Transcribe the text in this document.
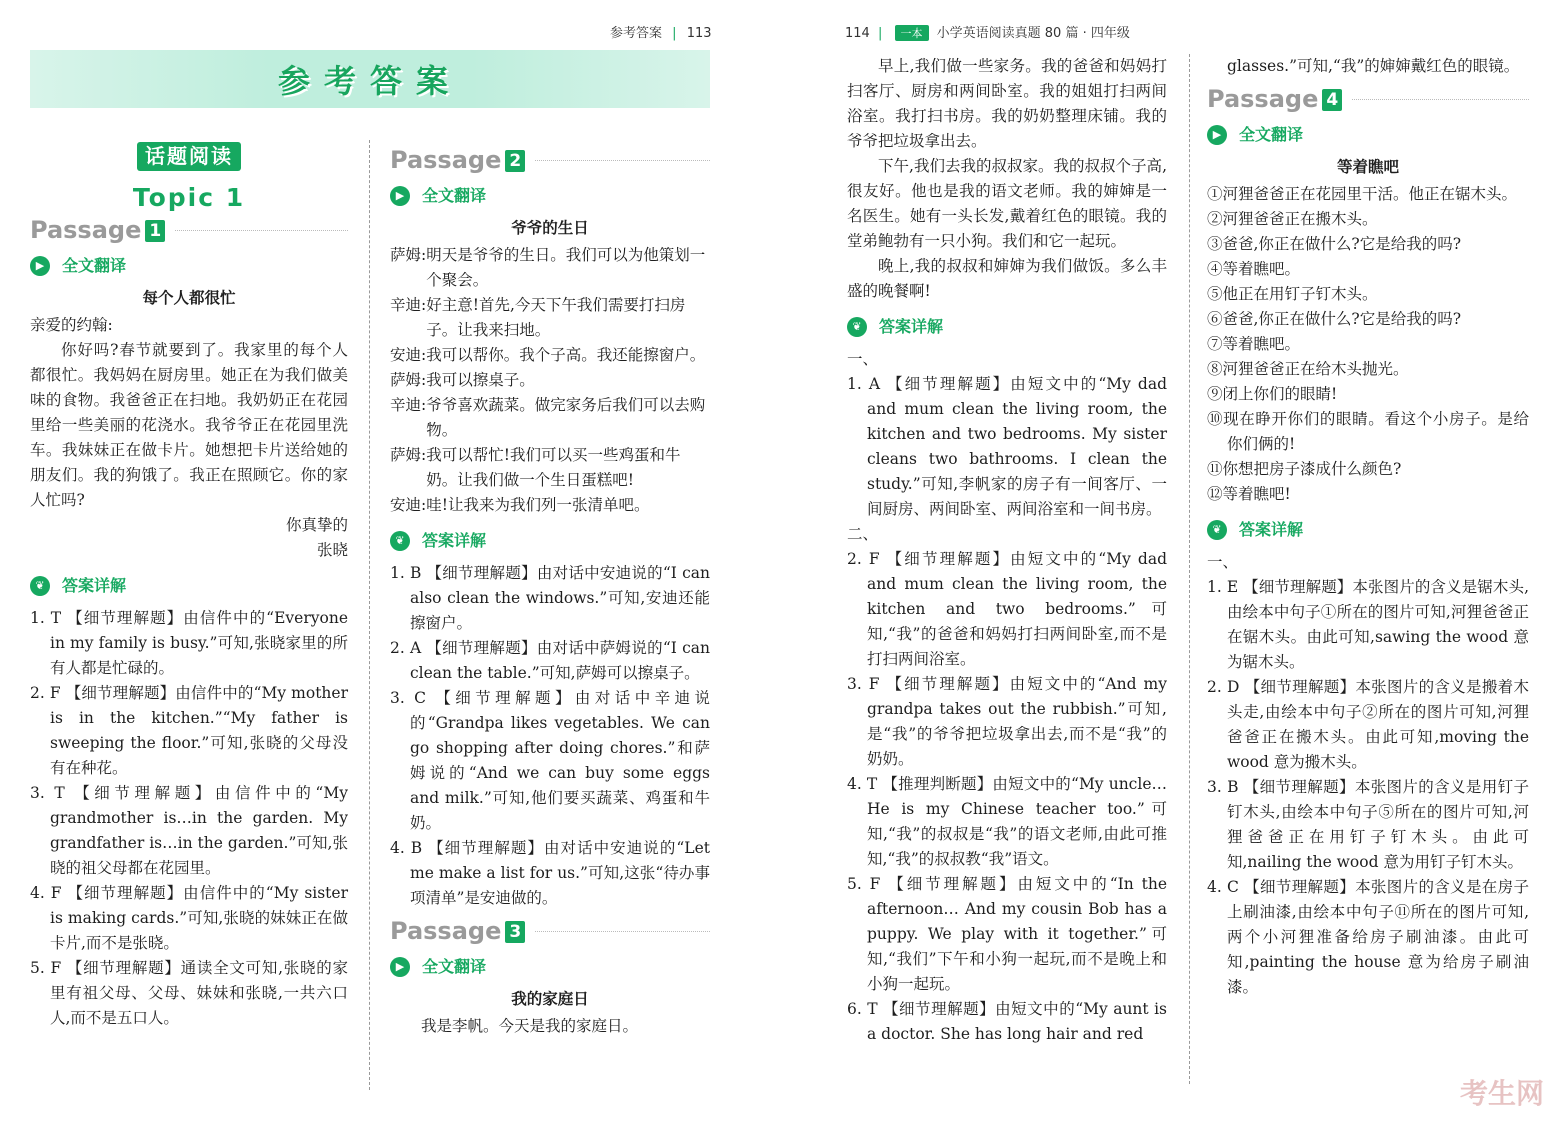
参考答案 | 113
参考答案
话题阅读
Topic 1
Passage 1
▶	全文翻译
每个人都很忙

亲爱的约翰:

你好吗?春节就要到了。我家里的每个人都很忙。我妈妈在厨房里。她正在为我们做美味的食物。我爸爸正在扫地。我奶奶正在花园里给一些美丽的花浇水。我爷爷正在花园里洗车。我妹妹正在做卡片。她想把卡片送给她的朋友们。我的狗饿了。我正在照顾它。你的家人忙吗?

你真挚的

张晓

❦	答案详解

1. T 【细节理解题】由信件中的“Everyone in my family is busy.”可知,张晓家里的所有人都是忙碌的。

2. F 【细节理解题】由信件中的“My mother is in the kitchen.”“My father is sweeping the floor.”可知,张晓的父母没有在种花。

3. T 【细节理解题】由信件中的“My grandmother is…in the garden. My grandfather is…in the garden.”可知,张晓的祖父母都在花园里。

4. F 【细节理解题】由信件中的“My sister is making cards.”可知,张晓的妹妹正在做卡片,而不是张晓。

5. F 【细节理解题】通读全文可知,张晓的家里有祖父母、父母、妹妹和张晓,一共六口人,而不是五口人。

Passage 2
▶	全文翻译
爷爷的生日
萨姆: 明天是爷爷的生日。我们可以为他策划一个聚会。
辛迪: 好主意!首先,今天下午我们需要打扫房子。让我来扫地。
安迪: 我可以帮你。我个子高。我还能擦窗户。
萨姆: 我可以擦桌子。
辛迪: 爷爷喜欢蔬菜。做完家务后我们可以去购物。
萨姆: 我可以帮忙!我们可以买一些鸡蛋和牛奶。让我们做一个生日蛋糕吧!
安迪: 哇!让我来为我们列一张清单吧。
❦	答案详解

1. B 【细节理解题】由对话中安迪说的“I can also clean the windows.”可知,安迪还能擦窗户。

2. A 【细节理解题】由对话中萨姆说的“I can clean the table.”可知,萨姆可以擦桌子。

3. C 【细节理解题】由对话中辛迪说的“Grandpa likes vegetables. We can go shopping after doing chores.”和萨姆说的“And we can buy some eggs and milk.”可知,他们要买蔬菜、鸡蛋和牛奶。

4. B 【细节理解题】由对话中安迪说的“Let me make a list for us.”可知,这张“待办事项清单”是安迪做的。

Passage 3
▶	全文翻译
我的家庭日

我是李帆。今天是我的家庭日。

114 | 一本 小学英语阅读真题 80 篇 · 四年级

早上,我们做一些家务。我的爸爸和妈妈打扫客厅、厨房和两间卧室。我的姐姐打扫两间浴室。我打扫书房。我的奶奶整理床铺。我的爷爷把垃圾拿出去。

下午,我们去我的叔叔家。我的叔叔个子高,很友好。他也是我的语文老师。我的婶婶是一名医生。她有一头长发,戴着红色的眼镜。我的堂弟鲍勃有一只小狗。我们和它一起玩。

晚上,我的叔叔和婶婶为我们做饭。多么丰盛的晚餐啊!

❦	答案详解

一、

1. A 【细节理解题】由短文中的“My dad and mum clean the living room, the kitchen and two bedrooms. My sister cleans two bathrooms. I clean the study.”可知,李帆家的房子有一间客厅、一间厨房、两间卧室、两间浴室和一间书房。

二、

2. F 【细节理解题】由短文中的“My dad and mum clean the living room, the kitchen and two bedrooms.”可知,“我”的爸爸和妈妈打扫两间卧室,而不是打扫两间浴室。

3. F 【细节理解题】由短文中的“And my grandpa takes out the rubbish.”可知,是“我”的爷爷把垃圾拿出去,而不是“我”的奶奶。

4. T 【推理判断题】由短文中的“My uncle…He is my Chinese teacher too.”可知,“我”的叔叔是“我”的语文老师,由此可推知,“我”的叔叔教“我”语文。

5. F 【细节理解题】由短文中的“In the afternoon… And my cousin Bob has a puppy. We play with it together.”可知,“我们”下午和小狗一起玩,而不是晚上和小狗一起玩。

6. T 【细节理解题】由短文中的“My aunt is a doctor. She has long hair and red

glasses.”可知,“我”的婶婶戴红色的眼镜。

Passage 4
▶	全文翻译
等着瞧吧

①河狸爸爸正在花园里干活。他正在锯木头。

②河狸爸爸正在搬木头。

③爸爸,你正在做什么?它是给我的吗?

④等着瞧吧。

⑤他正在用钉子钉木头。

⑥爸爸,你正在做什么?它是给我的吗?

⑦等着瞧吧。

⑧河狸爸爸正在给木头抛光。

⑨闭上你们的眼睛!

⑩现在睁开你们的眼睛。看这个小房子。是给你们俩的!

⑪你想把房子漆成什么颜色?

⑫等着瞧吧!

❦	答案详解

一、

1. E 【细节理解题】本张图片的含义是锯木头,由绘本中句子①所在的图片可知,河狸爸爸正在锯木头。由此可知,sawing the wood 意为锯木头。

2. D 【细节理解题】本张图片的含义是搬着木头走,由绘本中句子②所在的图片可知,河狸爸爸正在搬木头。由此可知,moving the wood 意为搬木头。

3. B 【细节理解题】本张图片的含义是用钉子钉木头,由绘本中句子⑤所在的图片可知,河狸爸爸正在用钉子钉木头。由此可知,nailing the wood 意为用钉子钉木头。

4. C 【细节理解题】本张图片的含义是在房子上刷油漆,由绘本中句子⑪所在的图片可知,两个小河狸准备给房子刷油漆。由此可知,painting the house 意为给房子刷油漆。

考生网
